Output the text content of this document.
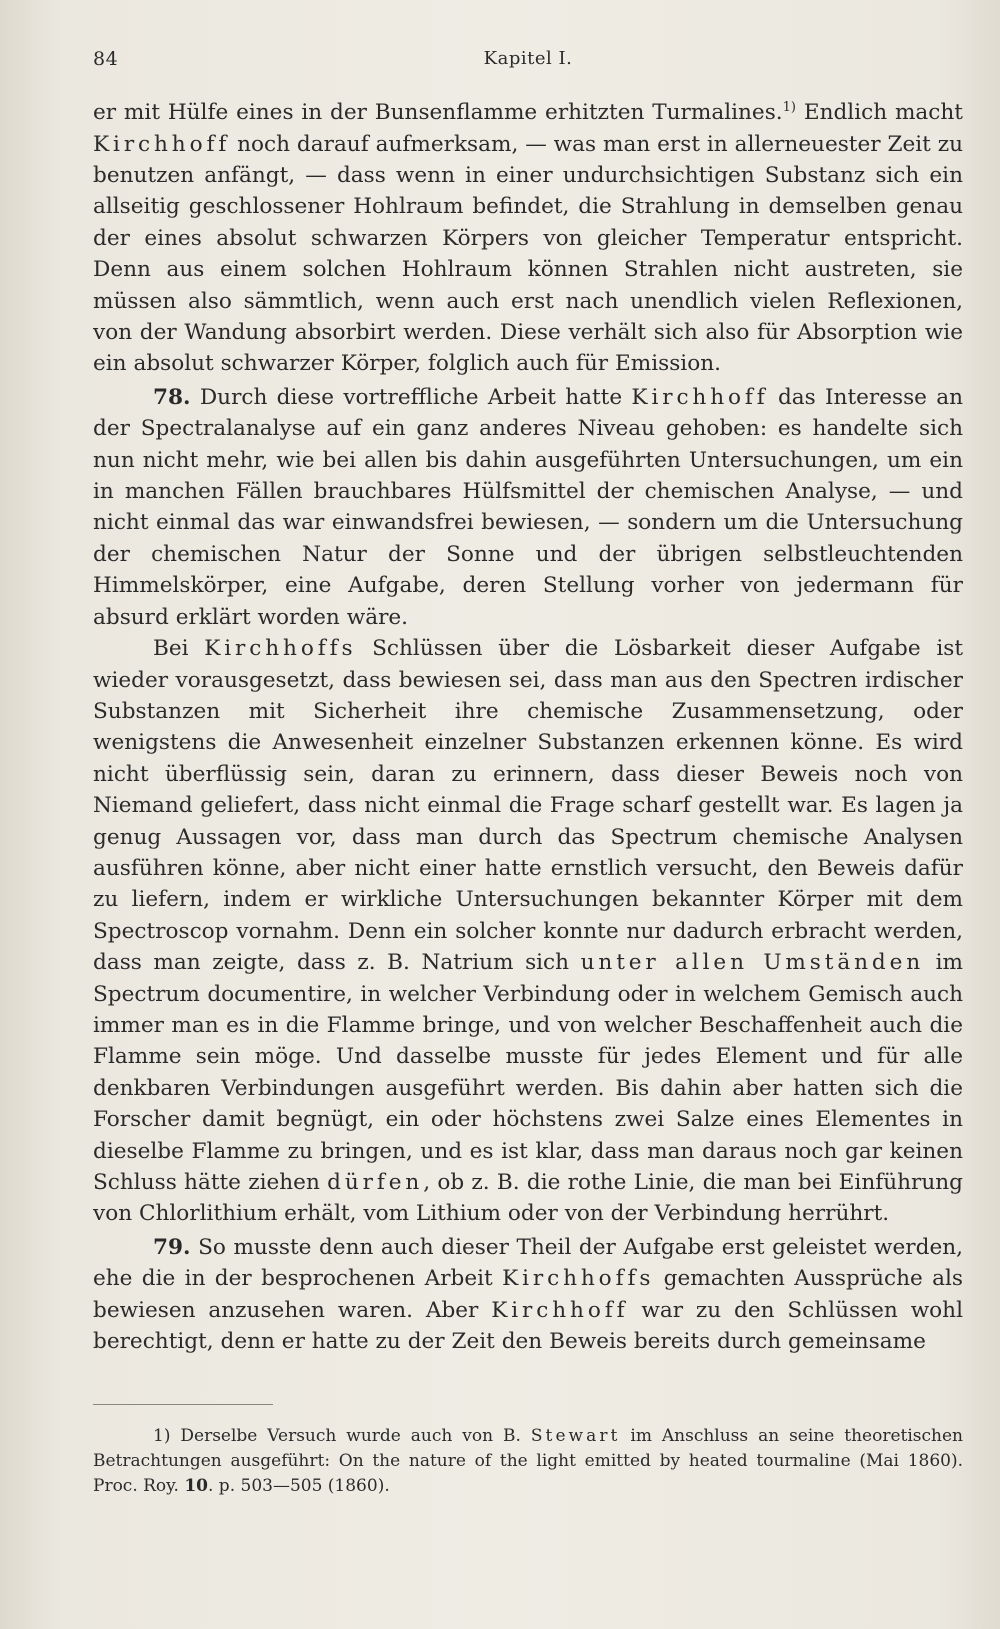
84	Kapitel I.

er mit Hülfe eines in der Bunsenflamme erhitzten Turmalines.$^{1)}$ Endlich macht Kirchhoff noch darauf aufmerksam, — was man erst in allerneuester Zeit zu benutzen anfängt, — dass wenn in einer undurchsichtigen Substanz sich ein allseitig geschlossener Hohlraum befindet, die Strahlung in demselben genau der eines absolut schwarzen Körpers von gleicher Temperatur entspricht. Denn aus einem solchen Hohlraum können Strahlen nicht austreten, sie müssen also sämmtlich, wenn auch erst nach unendlich vielen Reflexionen, von der Wandung absorbirt werden. Diese verhält sich also für Absorption wie ein absolut schwarzer Körper, folglich auch für Emission.

78. Durch diese vortreffliche Arbeit hatte Kirchhoff das Interesse an der Spectralanalyse auf ein ganz anderes Niveau gehoben: es handelte sich nun nicht mehr, wie bei allen bis dahin ausgeführten Untersuchungen, um ein in manchen Fällen brauchbares Hülfsmittel der chemischen Analyse, — und nicht einmal das war einwandsfrei bewiesen, — sondern um die Untersuchung der chemischen Natur der Sonne und der übrigen selbstleuchtenden Himmelskörper, eine Aufgabe, deren Stellung vorher von jedermann für absurd erklärt worden wäre.

Bei Kirchhoffs Schlüssen über die Lösbarkeit dieser Aufgabe ist wieder vorausgesetzt, dass bewiesen sei, dass man aus den Spectren irdischer Substanzen mit Sicherheit ihre chemische Zusammensetzung, oder wenigstens die Anwesenheit einzelner Substanzen erkennen könne. Es wird nicht überflüssig sein, daran zu erinnern, dass dieser Beweis noch von Niemand geliefert, dass nicht einmal die Frage scharf gestellt war. Es lagen ja genug Aussagen vor, dass man durch das Spectrum chemische Analysen ausführen könne, aber nicht einer hatte ernstlich versucht, den Beweis dafür zu liefern, indem er wirkliche Untersuchungen bekannter Körper mit dem Spectroscop vornahm. Denn ein solcher konnte nur dadurch erbracht werden, dass man zeigte, dass z. B. Natrium sich unter allen Umständen im Spectrum documentire, in welcher Verbindung oder in welchem Gemisch auch immer man es in die Flamme bringe, und von welcher Beschaffenheit auch die Flamme sein möge. Und dasselbe musste für jedes Element und für alle denkbaren Verbindungen ausgeführt werden. Bis dahin aber hatten sich die Forscher damit begnügt, ein oder höchstens zwei Salze eines Elementes in dieselbe Flamme zu bringen, und es ist klar, dass man daraus noch gar keinen Schluss hätte ziehen dürfen, ob z. B. die rothe Linie, die man bei Einführung von Chlorlithium erhält, vom Lithium oder von der Verbindung herrührt.

79. So musste denn auch dieser Theil der Aufgabe erst geleistet werden, ehe die in der besprochenen Arbeit Kirchhoffs gemachten Aussprüche als bewiesen anzusehen waren. Aber Kirchhoff war zu den Schlüssen wohl berechtigt, denn er hatte zu der Zeit den Beweis bereits durch gemeinsame

1) Derselbe Versuch wurde auch von B. Stewart im Anschluss an seine theoretischen Betrachtungen ausgeführt: On the nature of the light emitted by heated tourmaline (Mai 1860). Proc. Roy. 10. p. 503—505 (1860).
